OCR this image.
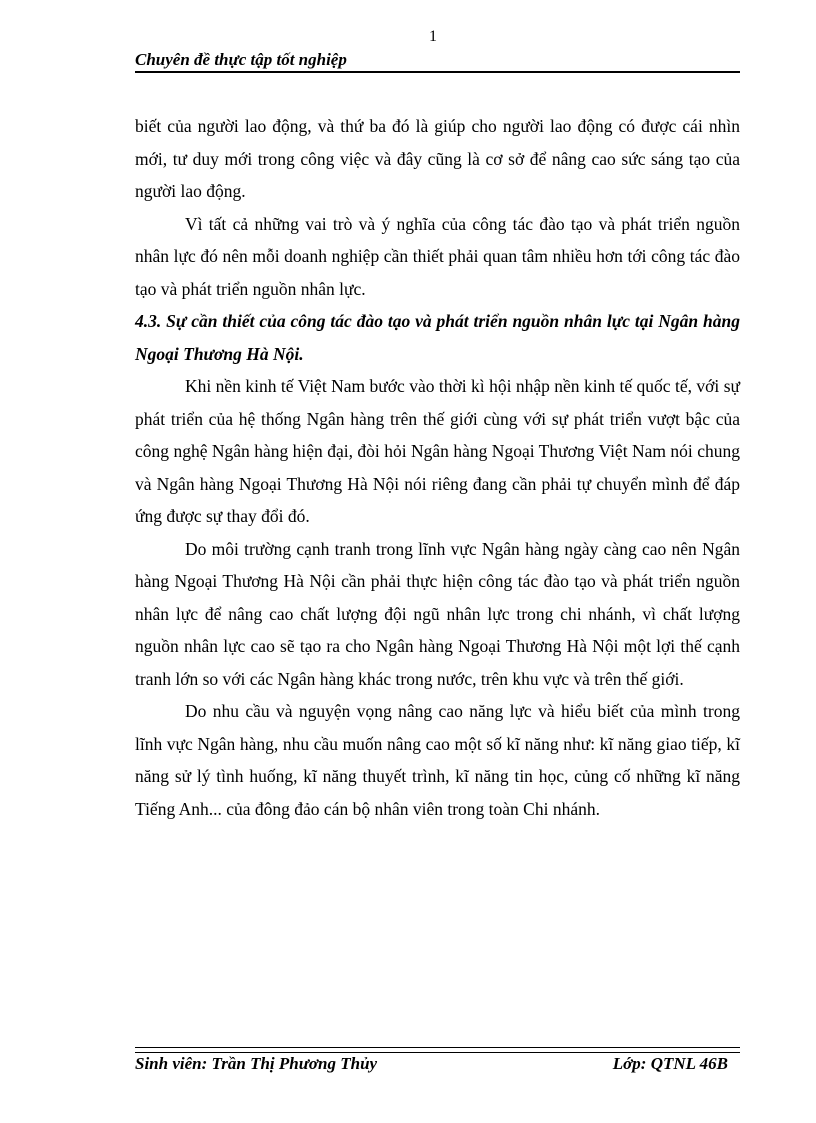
1
Chuyên đề thực tập tốt nghiệp

biết của người lao động, và thứ ba đó là giúp cho người lao động có được cái nhìn mới, tư duy mới trong công việc và đây cũng là cơ sở để nâng cao sức sáng tạo của người lao động.

Vì tất cả những vai trò và ý nghĩa của công tác đào tạo và phát triển nguồn nhân lực đó nên mỗi doanh nghiệp cần thiết phải quan tâm nhiều hơn tới công tác đào tạo và phát triển nguồn nhân lực.

4.3. Sự cần thiết của công tác đào tạo và phát triển nguồn nhân lực tại Ngân hàng Ngoại Thương Hà Nội.

Khi nền kinh tế Việt Nam bước vào thời kì hội nhập nền kinh tế quốc tế, với sự phát triển của hệ thống Ngân hàng trên thế giới cùng với sự phát triển vượt bậc của công nghệ Ngân hàng hiện đại, đòi hỏi Ngân hàng Ngoại Thương Việt Nam nói chung và Ngân hàng Ngoại Thương Hà Nội nói riêng đang cần phải tự chuyển mình để đáp ứng được sự thay đổi đó.

Do môi trường cạnh tranh trong lĩnh vực Ngân hàng ngày càng cao nên Ngân hàng Ngoại Thương Hà Nội cần phải thực hiện công tác đào tạo và phát triển nguồn nhân lực để nâng cao chất lượng đội ngũ nhân lực trong chi nhánh, vì chất lượng nguồn nhân lực cao sẽ tạo ra cho Ngân hàng Ngoại Thương Hà Nội một lợi thế cạnh tranh lớn so với các Ngân hàng khác trong nước, trên khu vực và trên thế giới.

Do nhu cầu và nguyện vọng nâng cao năng lực và hiểu biết của mình trong lĩnh vực Ngân hàng, nhu cầu muốn nâng cao một số kĩ năng như: kĩ năng giao tiếp, kĩ năng sử lý tình huống, kĩ năng thuyết trình, kĩ năng tin học, củng cố những kĩ năng Tiếng Anh... của đông đảo cán bộ nhân viên trong toàn Chi nhánh.

Sinh viên: Trần Thị Phương Thủy	Lớp: QTNL 46B
